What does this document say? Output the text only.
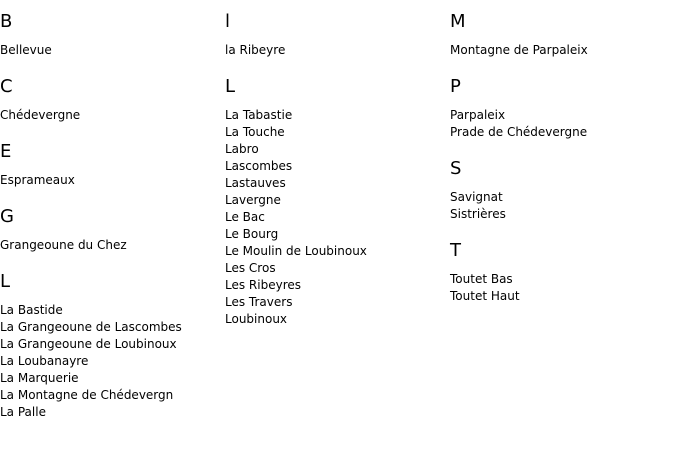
B
Bellevue
C
Chédevergne
E
Esprameaux
G
Grangeoune du Chez
L
La Bastide
La Grangeoune de Lascombes
La Grangeoune de Loubinoux
La Loubanayre
La Marquerie
La Montagne de Chédevergn
La Palle
l
la Ribeyre
L
La Tabastie
La Touche
Labro
Lascombes
Lastauves
Lavergne
Le Bac
Le Bourg
Le Moulin de Loubinoux
Les Cros
Les Ribeyres
Les Travers
Loubinoux
M
Montagne de Parpaleix
P
Parpaleix
Prade de Chédevergne
S
Savignat
Sistrières
T
Toutet Bas
Toutet Haut
